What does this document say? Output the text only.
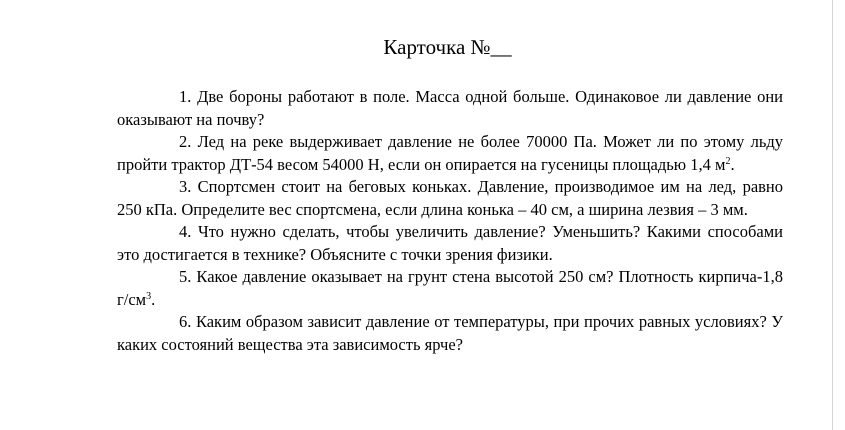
Карточка №__

1. Две бороны работают в поле. Масса одной больше. Одинаковое ли давление они оказывают на почву?

2. Лед на реке выдерживает давление не более 70000 Па. Может ли по этому льду пройти трактор ДТ-54 весом 54000 Н, если он опирается на гусеницы площадью 1,4 $м^2$.

3. Спортсмен стоит на беговых коньках. Давление, производимое им на лед, равно 250 кПа. Определите вес спортсмена, если длина конька – 40 см, а ширина лезвия – 3 мм.

4. Что нужно сделать, чтобы увеличить давление? Уменьшить? Какими способами это достигается в технике? Объясните с точки зрения физики.

5. Какое давление оказывает на грунт стена высотой 250 см? Плотность кирпича-1,8 $г/см^3$.

6. Каким образом зависит давление от температуры, при прочих равных условиях? У каких состояний вещества эта зависимость ярче?
